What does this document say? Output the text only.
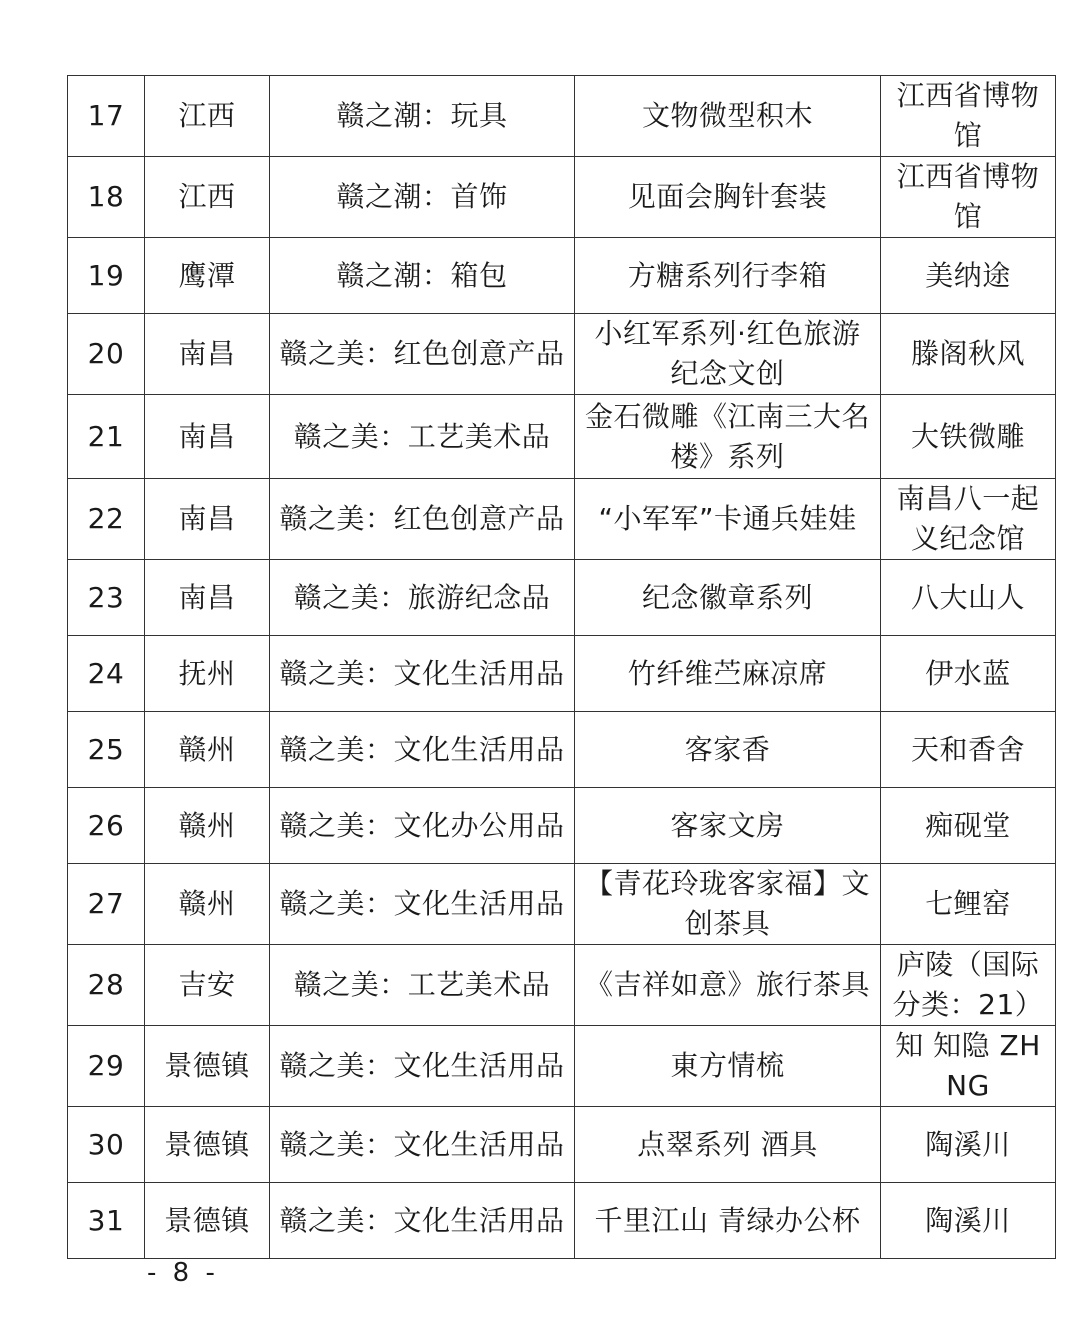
17	江西	赣之潮：玩具	文物微型积木	江西省博物馆
18	江西	赣之潮：首饰	见面会胸针套装	江西省博物馆
19	鹰潭	赣之潮：箱包	方糖系列行李箱	美纳途
20	南昌	赣之美：红色创意产品	小红军系列·红色旅游纪念文创	滕阁秋风
21	南昌	赣之美：工艺美术品	金石微雕《江南三大名楼》系列	大铁微雕
22	南昌	赣之美：红色创意产品	“小军军”卡通兵娃娃	南昌八一起义纪念馆
23	南昌	赣之美：旅游纪念品	纪念徽章系列	八大山人
24	抚州	赣之美：文化生活用品	竹纤维苎麻凉席	伊水蓝
25	赣州	赣之美：文化生活用品	客家香	天和香舍
26	赣州	赣之美：文化办公用品	客家文房	痴砚堂
27	赣州	赣之美：文化生活用品	【青花玲珑客家福】文创茶具	七鲤窑
28	吉安	赣之美：工艺美术品	《吉祥如意》旅行茶具	庐陵（国际分类：21）
29	景德镇	赣之美：文化生活用品	東方情梳	知 知隐 ZH NG
30	景德镇	赣之美：文化生活用品	点翠系列 酒具	陶溪川
31	景德镇	赣之美：文化生活用品	千里江山 青绿办公杯	陶溪川
- 8 -
